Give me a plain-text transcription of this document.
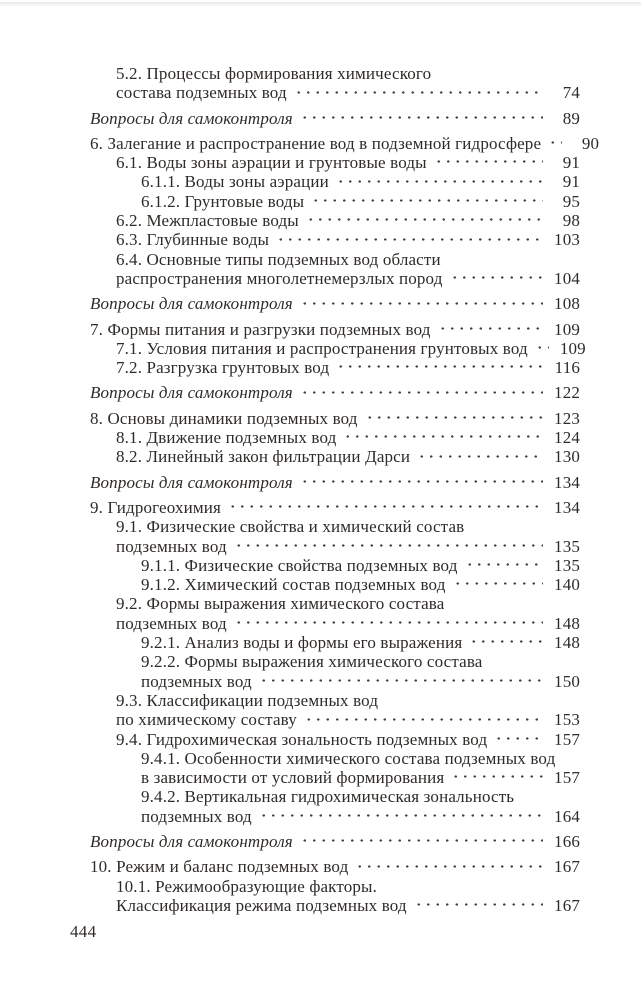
5.2. Процессы формирования химического
состава подземных вод	74
Вопросы для самоконтроля	89
6. Залегание и распространение вод в подземной гидросфере	90
6.1. Воды зоны аэрации и грунтовые воды	91
6.1.1. Воды зоны аэрации	91
6.1.2. Грунтовые воды	95
6.2. Межпластовые воды	98
6.3. Глубинные воды	103
6.4. Основные типы подземных вод области
распространения многолетнемерзлых пород	104
Вопросы для самоконтроля	108
7. Формы питания и разгрузки подземных вод	109
7.1. Условия питания и распространения грунтовых вод 109
7.2. Разгрузка грунтовых вод	116
Вопросы для самоконтроля	122
8. Основы динамики подземных вод	123
8.1. Движение подземных вод	124
8.2. Линейный закон фильтрации Дарси	130
Вопросы для самоконтроля	134
9. Гидрогеохимия	134
9.1. Физические свойства и химический состав
подземных вод	135
9.1.1. Физические свойства подземных вод	135
9.1.2. Химический состав подземных вод	140
9.2. Формы выражения химического состава
подземных вод	148
9.2.1. Анализ воды и формы его выражения	148
9.2.2. Формы выражения химического состава
подземных вод	150
9.3. Классификации подземных вод
по химическому составу	153
9.4. Гидрохимическая зональность подземных вод	157
9.4.1. Особенности химического состава подземных вод
в зависимости от условий формирования	157
9.4.2. Вертикальная гидрохимическая зональность
подземных вод	164
Вопросы для самоконтроля	166
10. Режим и баланс подземных вод	167
10.1. Режимообразующие факторы.
Классификация режима подземных вод	167
444
